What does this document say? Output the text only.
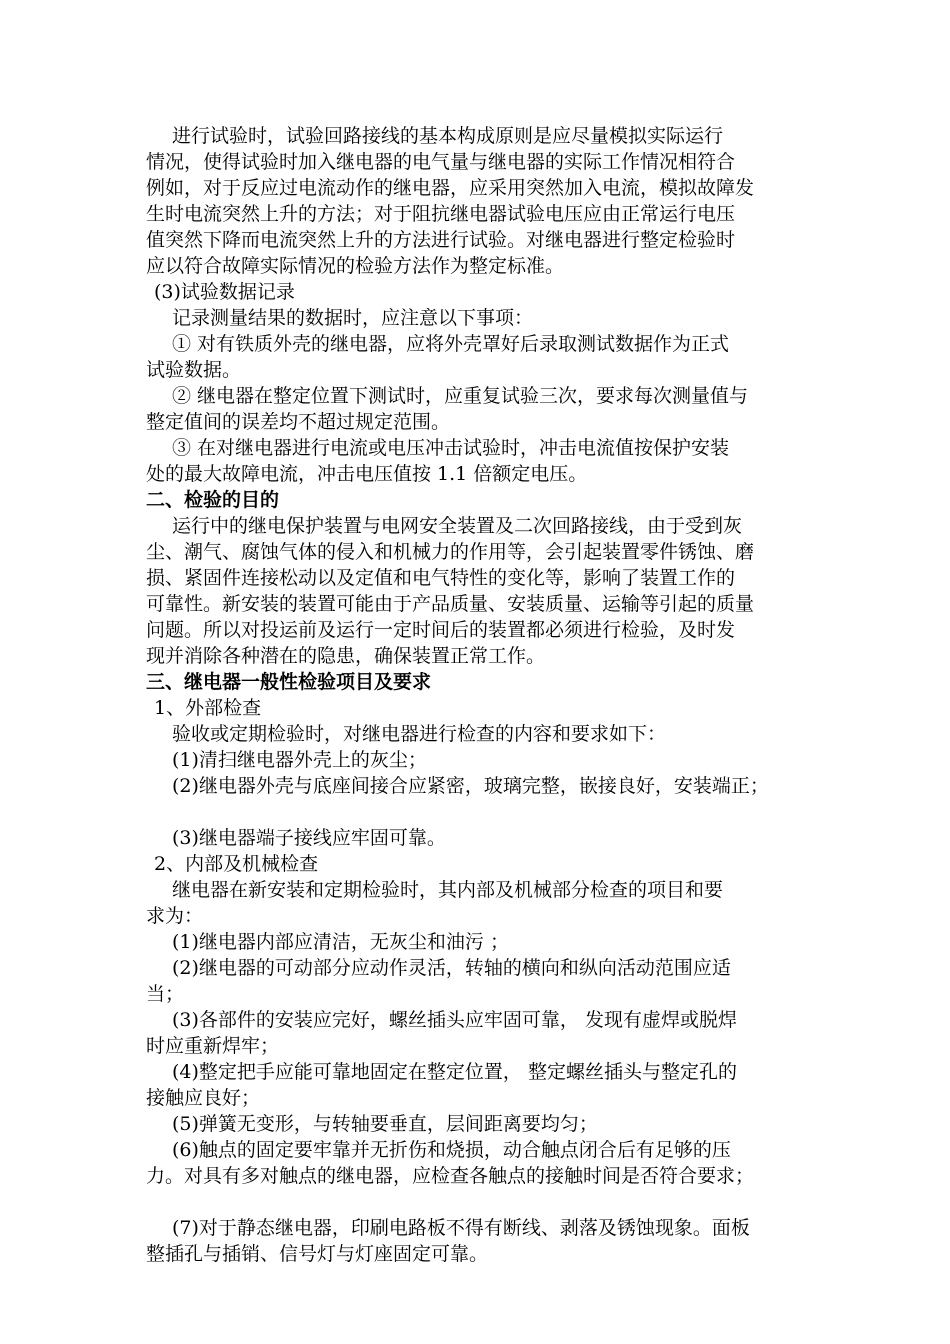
进行试验时，试验回路接线的基本构成原则是应尽量模拟实际运行
情况，使得试验时加入继电器的电气量与继电器的实际工作情况相符合
例如，对于反应过电流动作的继电器，应采用突然加入电流，模拟故障发
生时电流突然上升的方法；对于阻抗继电器试验电压应由正常运行电压
值突然下降而电流突然上升的方法进行试验。对继电器进行整定检验时
应以符合故障实际情况的检验方法作为整定标准。
(3)试验数据记录
记录测量结果的数据时，应注意以下事项：
① 对有铁质外壳的继电器，应将外壳罩好后录取测试数据作为正式
试验数据。
② 继电器在整定位置下测试时，应重复试验三次，要求每次测量值与
整定值间的误差均不超过规定范围。
③ 在对继电器进行电流或电压冲击试验时，冲击电流值按保护安装
处的最大故障电流，冲击电压值按 1.1 倍额定电压。
二、检验的目的
运行中的继电保护装置与电网安全装置及二次回路接线，由于受到灰
尘、潮气、腐蚀气体的侵入和机械力的作用等，会引起装置零件锈蚀、磨
损、紧固件连接松动以及定值和电气特性的变化等，影响了装置工作的
可靠性。新安装的装置可能由于产品质量、安装质量、运输等引起的质量
问题。所以对投运前及运行一定时间后的装置都必须进行检验，及时发
现并消除各种潜在的隐患，确保装置正常工作。
三、继电器一般性检验项目及要求
1、外部检查
验收或定期检验时，对继电器进行检查的内容和要求如下：
(1)清扫继电器外壳上的灰尘；
(2)继电器外壳与底座间接合应紧密，玻璃完整，嵌接良好，安装端正；
(3)继电器端子接线应牢固可靠。
2、内部及机械检查
继电器在新安装和定期检验时，其内部及机械部分检查的项目和要
求为：
(1)继电器内部应清洁，无灰尘和油污 ；
(2)继电器的可动部分应动作灵活，转轴的横向和纵向活动范围应适
当；
(3)各部件的安装应完好，螺丝插头应牢固可靠， 发现有虚焊或脱焊
时应重新焊牢；
(4)整定把手应能可靠地固定在整定位置， 整定螺丝插头与整定孔的
接触应良好；
(5)弹簧无变形，与转轴要垂直，层间距离要均匀；
(6)触点的固定要牢靠并无折伤和烧损，动合触点闭合后有足够的压
力。对具有多对触点的继电器，应检查各触点的接触时间是否符合要求；
(7)对于静态继电器，印刷电路板不得有断线、剥落及锈蚀现象。面板
整插孔与插销、信号灯与灯座固定可靠。
